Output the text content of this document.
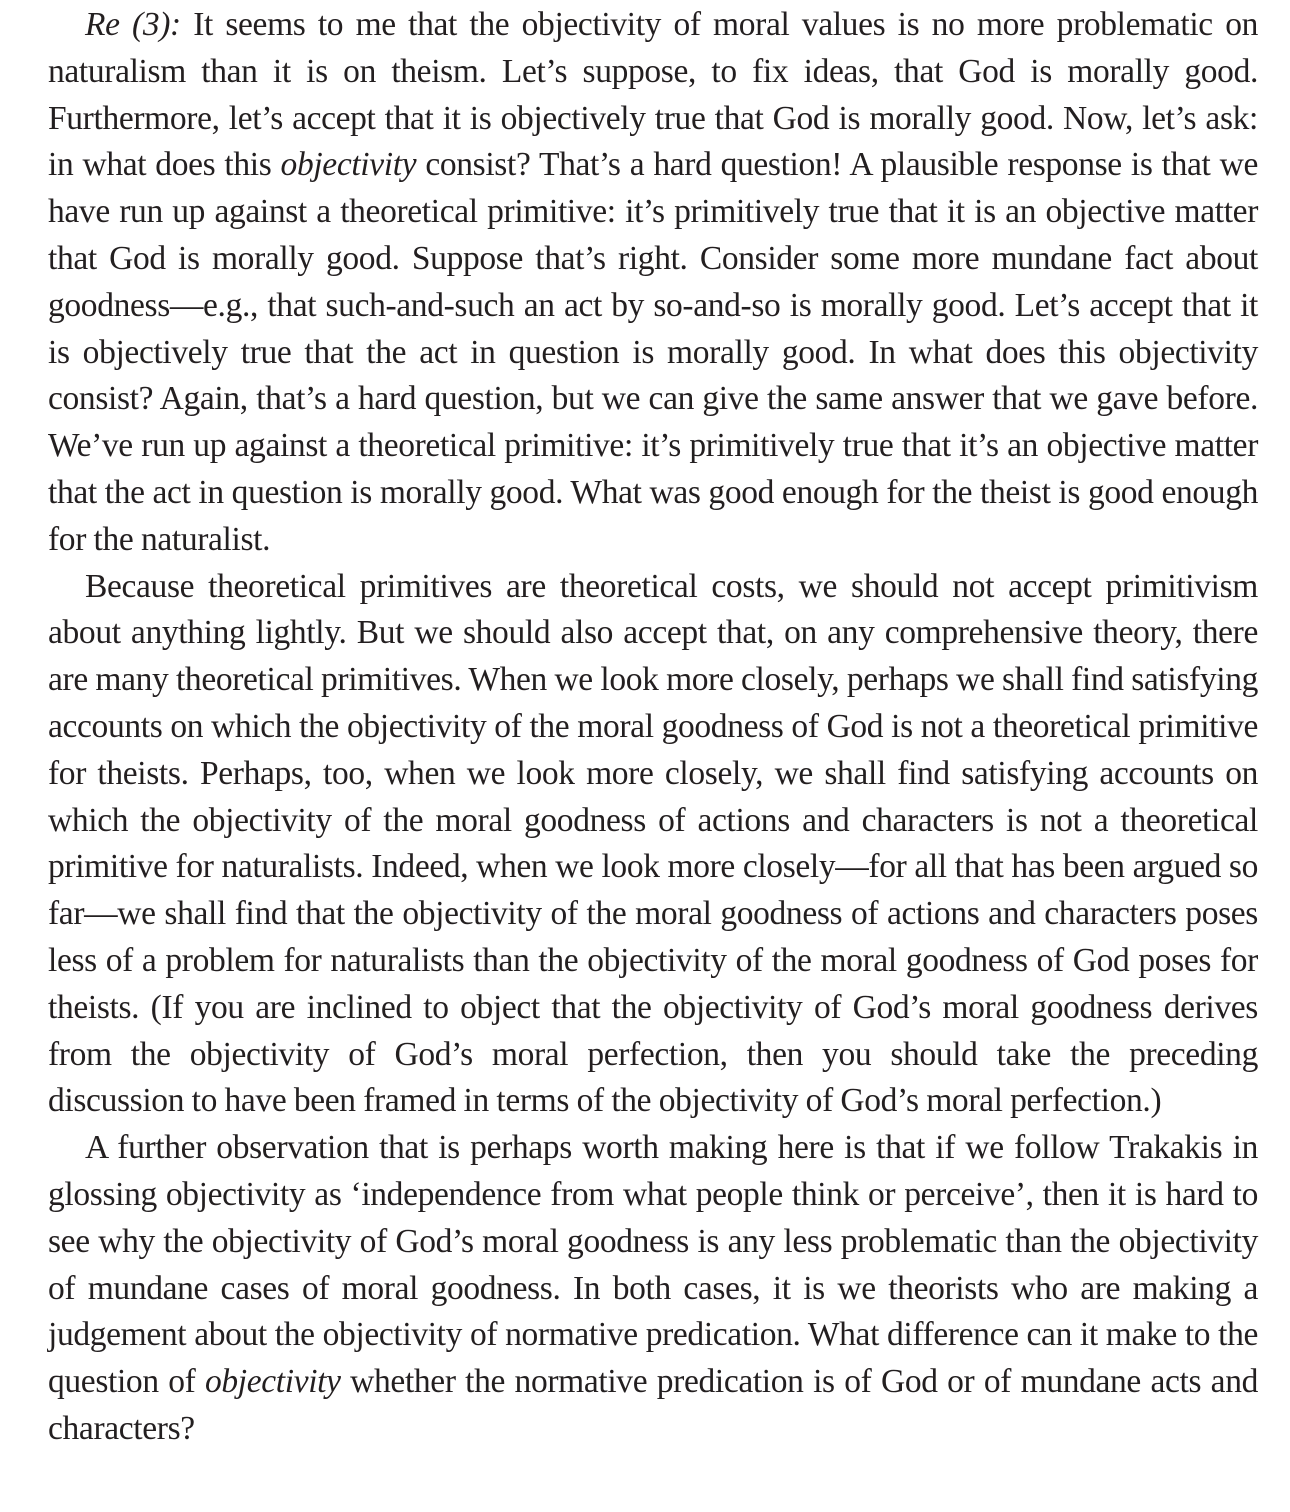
Re (3): It seems to me that the objectivity of moral values is no more problematic on naturalism than it is on theism. Let’s suppose, to fix ideas, that God is morally good. Furthermore, let’s accept that it is objectively true that God is morally good. Now, let’s ask: in what does this objectivity consist? That’s a hard question! A plausible response is that we have run up against a theoretical primitive: it’s primitively true that it is an objective matter that God is morally good. Suppose that’s right. Consider some more mundane fact about goodness—e.g., that such-and-such an act by so-and-so is morally good. Let’s accept that it is objectively true that the act in question is morally good. In what does this objectivity consist? Again, that’s a hard question, but we can give the same answer that we gave before. We’ve run up against a theoretical primitive: it’s primitively true that it’s an objective matter that the act in question is morally good. What was good enough for the theist is good enough for the naturalist.

Because theoretical primitives are theoretical costs, we should not accept primitivism about anything lightly. But we should also accept that, on any comprehensive theory, there are many theoretical primitives. When we look more closely, perhaps we shall find satisfying accounts on which the objectivity of the moral goodness of God is not a theoretical primitive for theists. Perhaps, too, when we look more closely, we shall find satisfying accounts on which the objectivity of the moral goodness of actions and characters is not a theoretical primitive for naturalists. Indeed, when we look more closely—for all that has been argued so far—we shall find that the objectivity of the moral goodness of actions and characters poses less of a problem for naturalists than the objectivity of the moral goodness of God poses for theists. (If you are inclined to object that the objectivity of God’s moral goodness derives from the objectivity of God’s moral perfection, then you should take the preceding discussion to have been framed in terms of the objectivity of God’s moral perfection.)

A further observation that is perhaps worth making here is that if we follow Trakakis in glossing objectivity as ‘independence from what people think or perceive’, then it is hard to see why the objectivity of God’s moral goodness is any less problematic than the objectivity of mundane cases of moral goodness. In both cases, it is we theorists who are making a judgement about the objectivity of normative predication. What difference can it make to the question of objectivity whether the normative predication is of God or of mundane acts and characters?
